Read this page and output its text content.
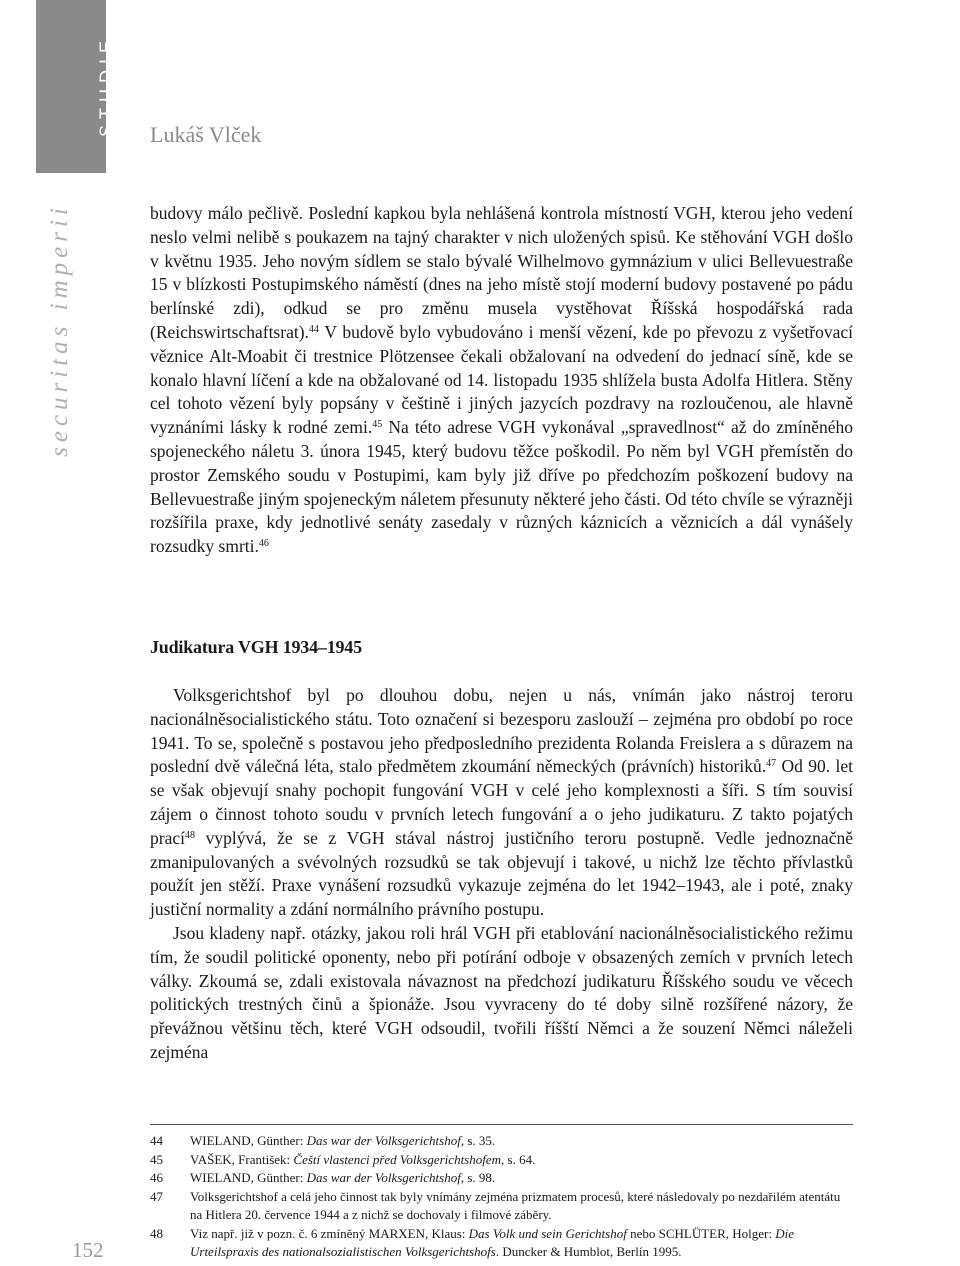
STUDIE
securitas imperii
Lukáš Vlček

budovy málo pečlivě. Poslední kapkou byla nehlášená kontrola místností VGH, kterou jeho vedení neslo velmi nelibě s poukazem na tajný charakter v nich uložených spisů. Ke stěhování VGH došlo v květnu 1935. Jeho novým sídlem se stalo bývalé Wilhelmovo gymnázium v ulici Bellevuestraße 15 v blízkosti Postupimského náměstí (dnes na jeho místě stojí moderní budovy postavené po pádu berlínské zdi), odkud se pro změnu musela vystěhovat Říšská hospodářská rada (Reichswirtschaftsrat).$^{44}$ V budově bylo vybudováno i menší vězení, kde po převozu z vyšetřovací věznice Alt-Moabit či trestnice Plötzensee čekali obžalovaní na odvedení do jednací síně, kde se konalo hlavní líčení a kde na obžalované od 14. listopadu 1935 shlížela busta Adolfa Hitlera. Stěny cel tohoto vězení byly popsány v češtině i jiných jazycích pozdravy na rozloučenou, ale hlavně vyznáními lásky k rodné zemi.$^{45}$ Na této adrese VGH vykonával „spravedlnost“ až do zmíněného spojeneckého náletu 3. února 1945, který budovu těžce poškodil. Po něm byl VGH přemístěn do prostor Zemského soudu v Postupimi, kam byly již dříve po předchozím poškození budovy na Bellevuestraße jiným spojeneckým náletem přesunuty některé jeho části. Od této chvíle se výrazněji rozšířila praxe, kdy jednotlivé senáty zasedaly v různých káznicích a věznicích a dál vynášely rozsudky smrti.$^{46}$

Judikatura VGH 1934–1945

Volksgerichtshof byl po dlouhou dobu, nejen u nás, vnímán jako nástroj teroru nacionálněsocialistického státu. Toto označení si bezesporu zaslouží – zejména pro období po roce 1941. To se, společně s postavou jeho předposledního prezidenta Rolanda Freislera a s důrazem na poslední dvě válečná léta, stalo předmětem zkoumání německých (právních) historiků.$^{47}$ Od 90. let se však objevují snahy pochopit fungování VGH v celé jeho komplexnosti a šíři. S tím souvisí zájem o činnost tohoto soudu v prvních letech fungování a o jeho judikaturu. Z takto pojatých prací$^{48}$ vyplývá, že se z VGH stával nástroj justičního teroru postupně. Vedle jednoznačně zmanipulovaných a svévolných rozsudků se tak objevují i takové, u nichž lze těchto přívlastků použít jen stěží. Praxe vynášení rozsudků vykazuje zejména do let 1942–1943, ale i poté, znaky justiční normality a zdání normálního právního postupu.

Jsou kladeny např. otázky, jakou roli hrál VGH při etablování nacionálněsocialistického režimu tím, že soudil politické oponenty, nebo při potírání odboje v obsazených zemích v prvních letech války. Zkoumá se, zdali existovala návaznost na předchozí judikaturu Říšského soudu ve věcech politických trestných činů a špionáže. Jsou vyvraceny do té doby silně rozšířené názory, že převážnou většinu těch, které VGH odsoudil, tvořili říšští Němci a že souzení Němci náleželi zejména

44	WIELAND, Günther: Das war der Volksgerichtshof, s. 35.
45	VAŠEK, František: Čeští vlastenci před Volksgerichtshofem, s. 64.
46	WIELAND, Günther: Das war der Volksgerichtshof, s. 98.
47	Volksgerichtshof a celá jeho činnost tak byly vnímány zejména prizmatem procesů, které následovaly po nezdařilém atentátu na Hitlera 20. července 1944 a z nichž se dochovaly i filmové záběry.
48	Viz např. již v pozn. č. 6 zmíněný MARXEN, Klaus: Das Volk und sein Gerichtshof nebo SCHLÜTER, Holger: Die Urteilspraxis des nationalsozialistischen Volksgerichtshofs. Duncker & Humblot, Berlín 1995.
152
